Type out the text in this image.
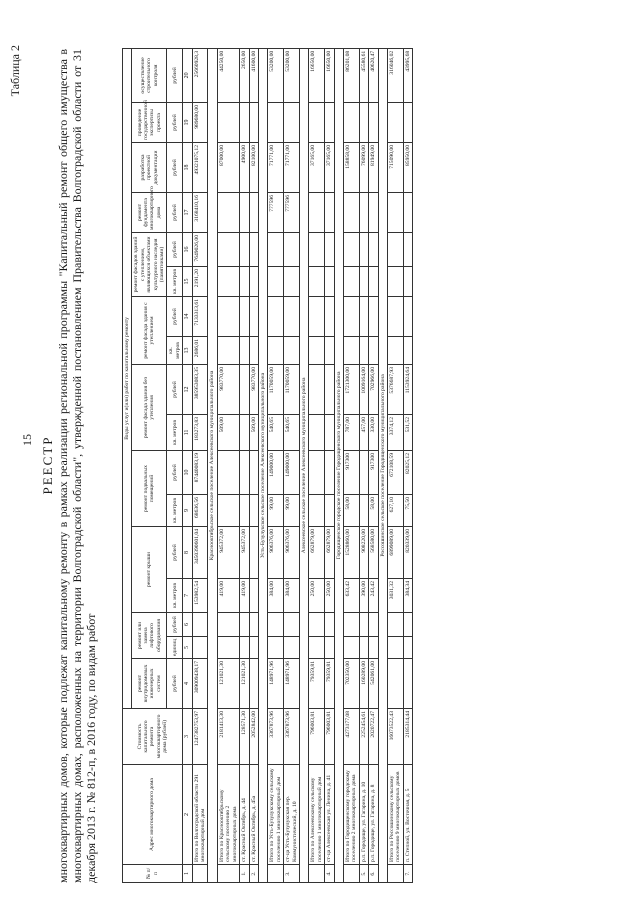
15
Таблица 2
РЕЕСТР многоквартирных домов, которые подлежат капитальному ремонту в рамках реализации региональной программы "Капитальный ремонт общего имущества в многоквартирных домах, расположенных на территории Волгоградской области", утвержденной постановлением Правительства Волгоградской области от 31 декабря 2013 г. № 812-п, в 2016 году, по видам работ	№ п/п	Адрес многоквартирного дома	Стоимость капитального ремонта многоквартирного дома (рублей)	Виды услуг и(или) работ по капитальному ремонту																
			ремонт внутридомовых инженерных систем	ремонт или замена лифтового оборудования		ремонт крыши		ремонт подвальных помещений		ремонт фасада здания без утепления		ремонт фасада здания с утеплением		ремонт фасадов зданий с утеплением, являющихся объектами культурного наследия (памятниками)		ремонт фундамента многоквартирного дома	разработка проектной документации	проведение государственной экспертизы проекта	осуществление строительного контроля
			рублей	единиц	рублей	кв. метров	рублей	кв. метров	рублей	кв. метров	рублей	кв. метров	рублей	кв. метров	рублей	рублей	рублей	рублей	рублей
1	2	3	4	5	6	7	8	9	10	11	12	13	14	15	16	17	18	19	20
	Итого по Волгоградской области 291 многоквартирный дом	1247382753,97	309009438,17			153982,54	3450390601,04	68636,56	87440083,19	183273,83	385953083,35	2686,01	7133313,61	2191,20	7649026,00	3168410,16	49321075,12	989680,00	25660928,3
Краснооктябрьское сельское поселение Алексеевского муниципального района																			
	Итого по Краснооктябрьскому сельскому поселению 2 многоквартирных дома	2181413,30	121021,30			419,00	945372,00			509,00	983770,00						87000,00		44250,00
1.	ст. Красный Октябрь, д. 44	128571,30	121021,30			419,00	945372,00										4900,00		2650,00
2.	ст. Красный Октябрь, д. 45а	2052842,00								509,00	983770,00						82100,00		41600,00
Усть-Бузулукское сельское поселение Алексеевского муниципального района																			
	Итого по Усть-Бузулукскому сельскому поселению 1 многоквартирный дом	3367873,96	148971,96			384,00	906376,00	99,00	149000,00	540,65	1170059,00					777596	71771,00		53200,00
3.	ст-ца Усть-Бузулукская пер. Коммунистический, д. 10	3367873,96	148971,96			384,00	906376,00	99,00	149000,00	540,65	1170059,00					777596	71771,00		53200,00
Алексеевское сельское поселение Алексеевского муниципального района																			
	Итого по Алексеевскому сельскому поселению 1 многоквартирный дом	796003,81	79359,81			250,00	662879,00										37165,00		16650,00
4.	ст-ца Алексеевская ул. Ленина, д. 41	796003,81	79359,81			250,00	662879,00										37165,00		16650,00
Городищенское городское поселение Городищенского муниципального района																			
	Итого по Городищенскому городскому поселению 2 многоквартирных дома	4273177,08	702350,00			633,42	1528860,00	58,00	917300	787,00	1721300,00						158858,00		86201,08
5.	р.п. Городище, ул. Гагарина, д. 10	2252454,61	160289,00			390,00	908220,00			457,00	1009164,00						76099,00		45580,61
6.	р.п. Городище, ул. Гагарина, д. 8	2020722,47	542061,00			243,42	568580,00	58,00	917300	330,00	702966,00						81949,00		40620,47
Россошинское сельское поселение Городищенского муниципального района																			
	Итого по Россошинскому сельскому поселению 9 многоквартирных домов	16073522,43				3031,32	6899089,00	627,10	672108,59	3374,12	5376687,93						715090,00		316046,02
7.	п. Степной, ул. Восточная, д. 5	2185314,44				384,34	820339,00	75,50	82025,12	531,52	1153924,64						85950,00		43995,68
